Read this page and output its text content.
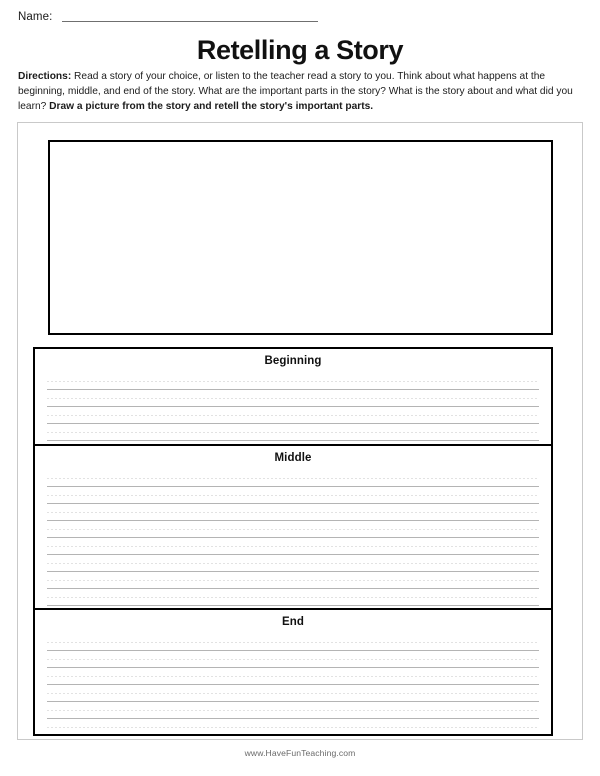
Name:
Retelling a Story
Directions: Read a story of your choice, or listen to the teacher read a story to you. Think about what happens at the beginning, middle, and end of the story. What are the important parts in the story? What is the story about and what did you learn? Draw a picture from the story and retell the story's important parts.
Beginning
Middle
End
www.HaveFunTeaching.com
